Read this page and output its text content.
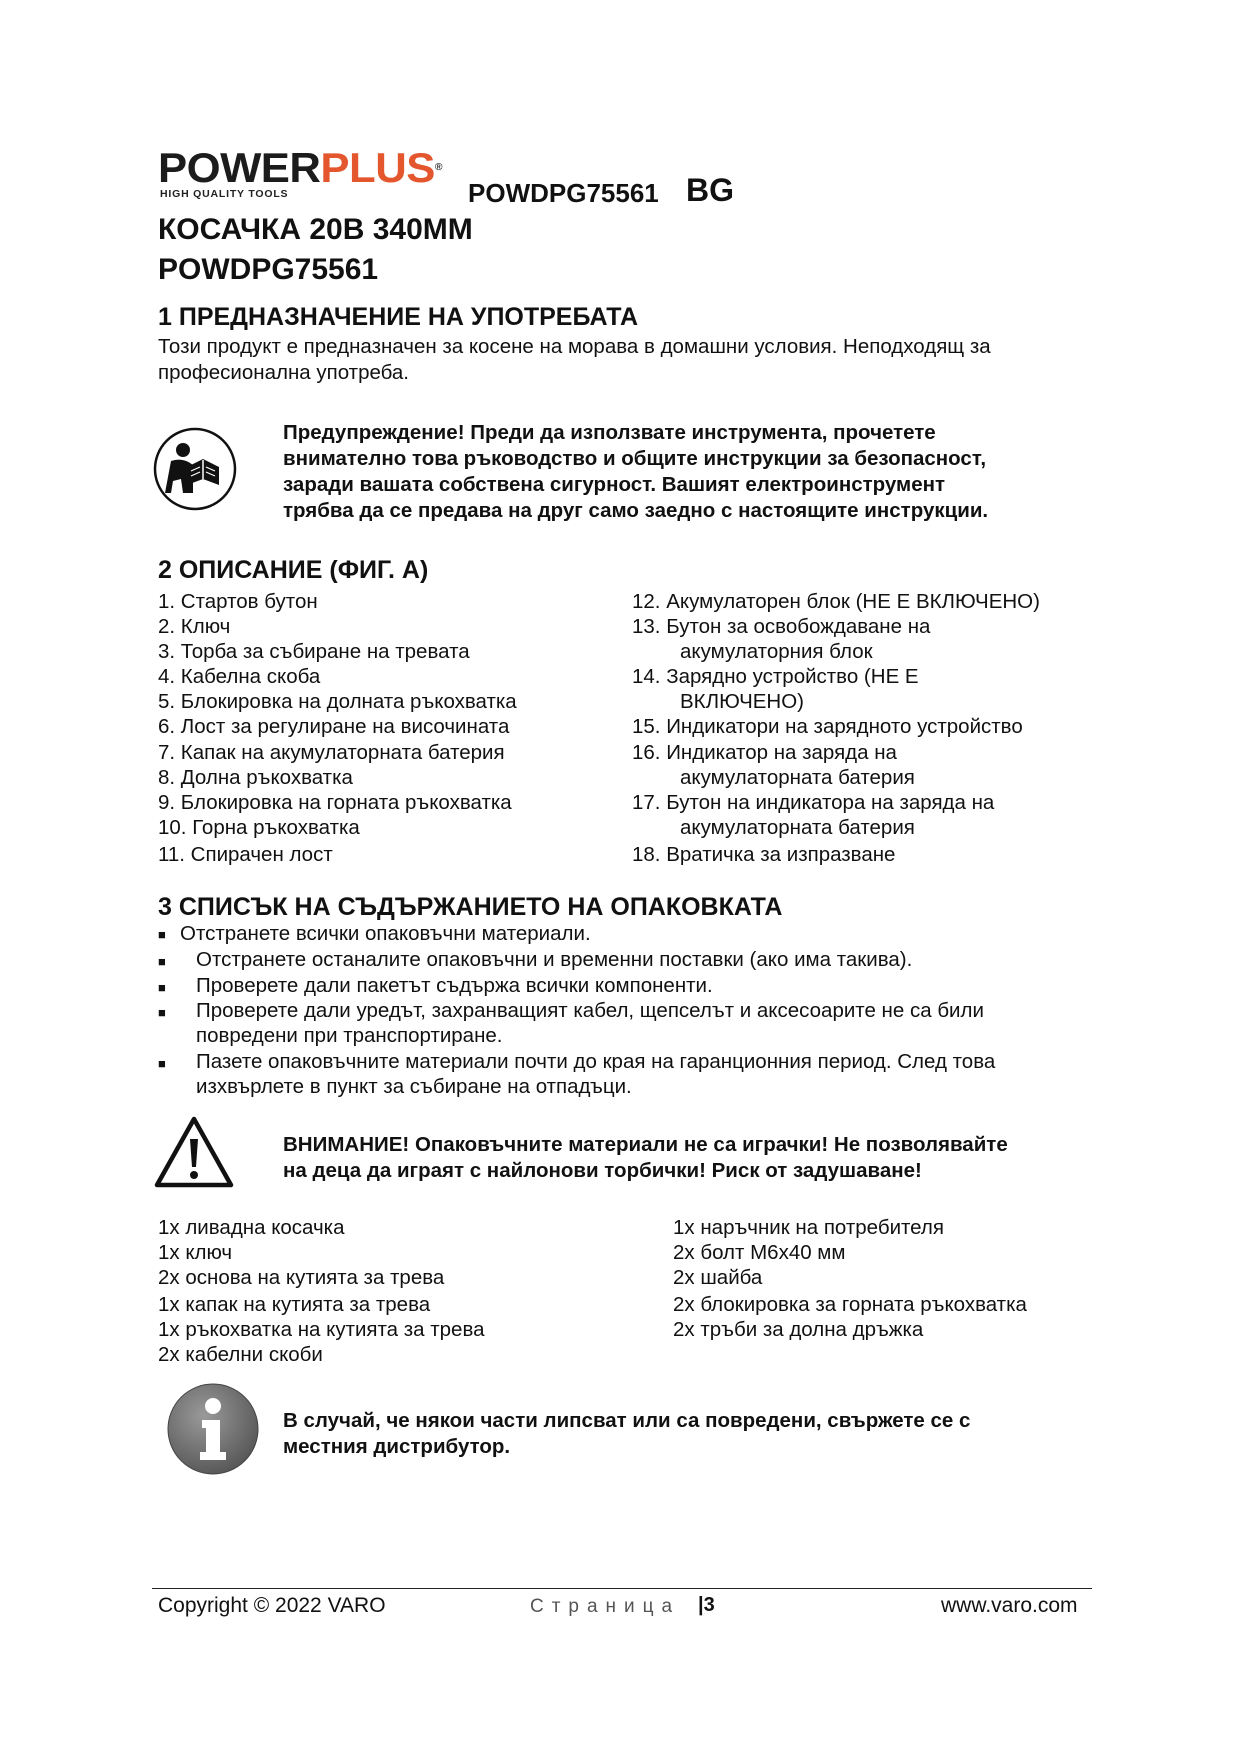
POWERPLUS®
HIGH QUALITY TOOLS	POWDPG75561 BG
КОСАЧКА 20В 340ММ
POWDPG75561
1 ПРЕДНАЗНАЧЕНИЕ НА УПОТРЕБАТА
Този продукт е предназначен за косене на морава в домашни условия. Неподходящ за
професионална употреба.
Предупреждение! Преди да използвате инструмента, прочетете
внимателно това ръководство и общите инструкции за безопасност,
заради вашата собствена сигурност. Вашият електроинструмент
трябва да се предава на друг само заедно с настоящите инструкции.
2 ОПИСАНИЕ (ФИГ. A)
1. Стартов бутон
2. Ключ
3. Торба за събиране на тревата
4. Кабелна скоба
5. Блокировка на долната ръкохватка
6. Лост за регулиране на височината
7. Капак на акумулаторната батерия
8. Долна ръкохватка
9. Блокировка на горната ръкохватка
10. Горна ръкохватка
11. Спирачен лост
12. Акумулаторен блок (НЕ Е ВКЛЮЧЕНО)
13. Бутон за освобождаване на
акумулаторния блок
14. Зарядно устройство (НЕ Е
ВКЛЮЧЕНО)
15. Индикатори на зарядното устройство
16. Индикатор на заряда на
акумулаторната батерия
17. Бутон на индикатора на заряда на
акумулаторната батерия
18. Вратичка за изпразване
3 СПИСЪК НА СЪДЪРЖАНИЕТО НА ОПАКОВКАТА
■ Отстранете всички опаковъчни материали.
■ Отстранете останалите опаковъчни и временни поставки (ако има такива).
■ Проверете дали пакетът съдържа всички компоненти.
■ Проверете дали уредът, захранващият кабел, щепселът и аксесоарите не са били
повредени при транспортиране.
■ Пазете опаковъчните материали почти до края на гаранционния период. След това
изхвърлете в пункт за събиране на отпадъци.
ВНИМАНИЕ! Опаковъчните материали не са играчки! Не позволявайте
на деца да играят с найлонови торбички! Риск от задушаване!
1x ливадна косачка
1x ключ
2x основа на кутията за трева
1x капак на кутията за трева
1x ръкохватка на кутията за трева
2x кабелни скоби
1x наръчник на потребителя
2x болт М6х40 мм
2x шайба
2x блокировка за горната ръкохватка
2x тръби за долна дръжка
В случай, че някои части липсват или са повредени, свържете се с
местния дистрибутор.
Copyright © 2022 VARO	Страница |3	www.varo.com
